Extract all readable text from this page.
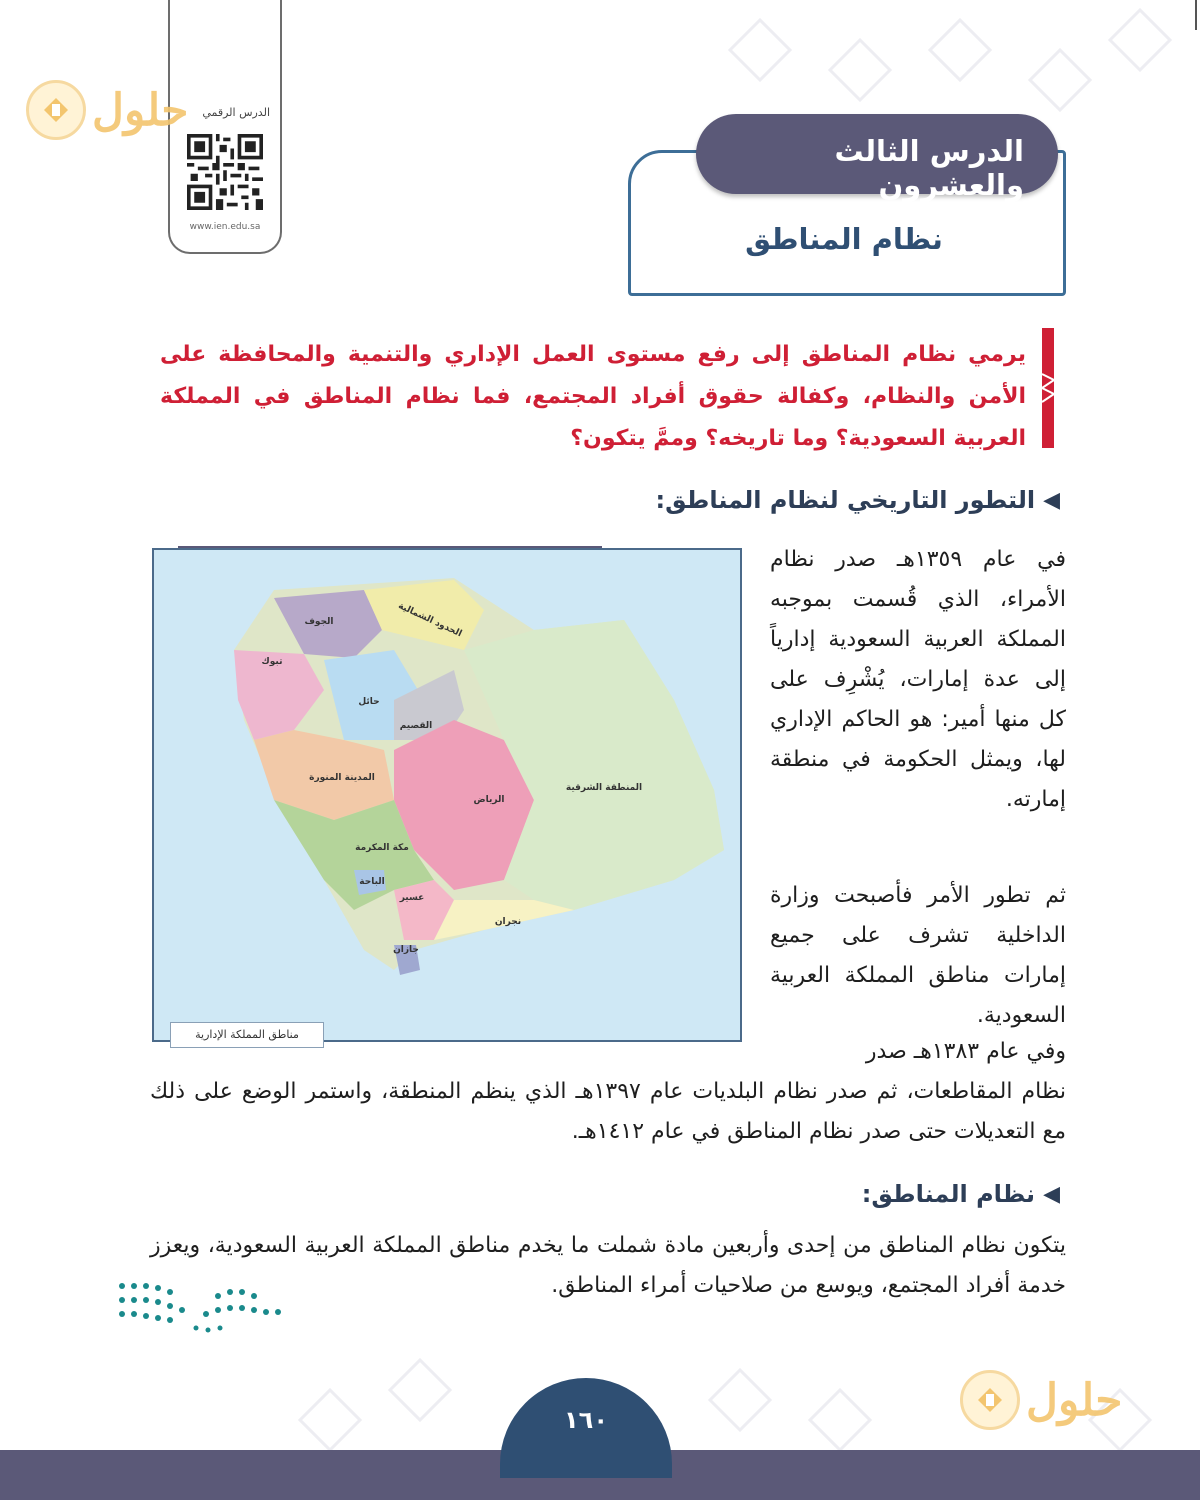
الدرس الرقمي
www.ien.edu.sa
حلول
حلول
الدرس الثالث والعشرون
نظام المناطق
يرمي نظام المناطق إلى رفع مستوى العمل الإداري والتنمية والمحافظة على الأمن والنظام، وكفالة حقوق أفراد المجتمع، فما نظام المناطق في المملكة العربية السعودية؟ وما تاريخه؟ وممَّ يتكون؟
◀
التطور التاريخي لنظام المناطق:
الجوف	الحدود الشمالية
تبوك
حائل
القصيم
المدينة المنورة
الرياض
المنطقة الشرقية
مكة المكرمة
الباحة
عسير
نجران
جازان
مناطق المملكة الإدارية
في عام ١٣٥٩هـ صدر نظام الأمراء، الذي قُسمت بموجبه المملكة العربية السعودية إدارياً إلى عدة إمارات، يُشْرِف على كل منها أمير: هو الحاكم الإداري لها، ويمثل الحكومة في منطقة إمارته.
ثم تطور الأمر فأصبحت وزارة الداخلية تشرف على جميع إمارات مناطق المملكة العربية السعودية.
وفي عام ١٣٨٣هـ صدر
نظام المقاطعات، ثم صدر نظام البلديات عام ١٣٩٧هـ الذي ينظم المنطقة، واستمر الوضع على ذلك مع التعديلات حتى صدر نظام المناطق في عام ١٤١٢هـ.
◀
نظام المناطق:
يتكون نظام المناطق من إحدى وأربعين مادة شملت ما يخدم مناطق المملكة العربية السعودية، ويعزز خدمة أفراد المجتمع، ويوسع من صلاحيات أمراء المناطق.
١٦٠
